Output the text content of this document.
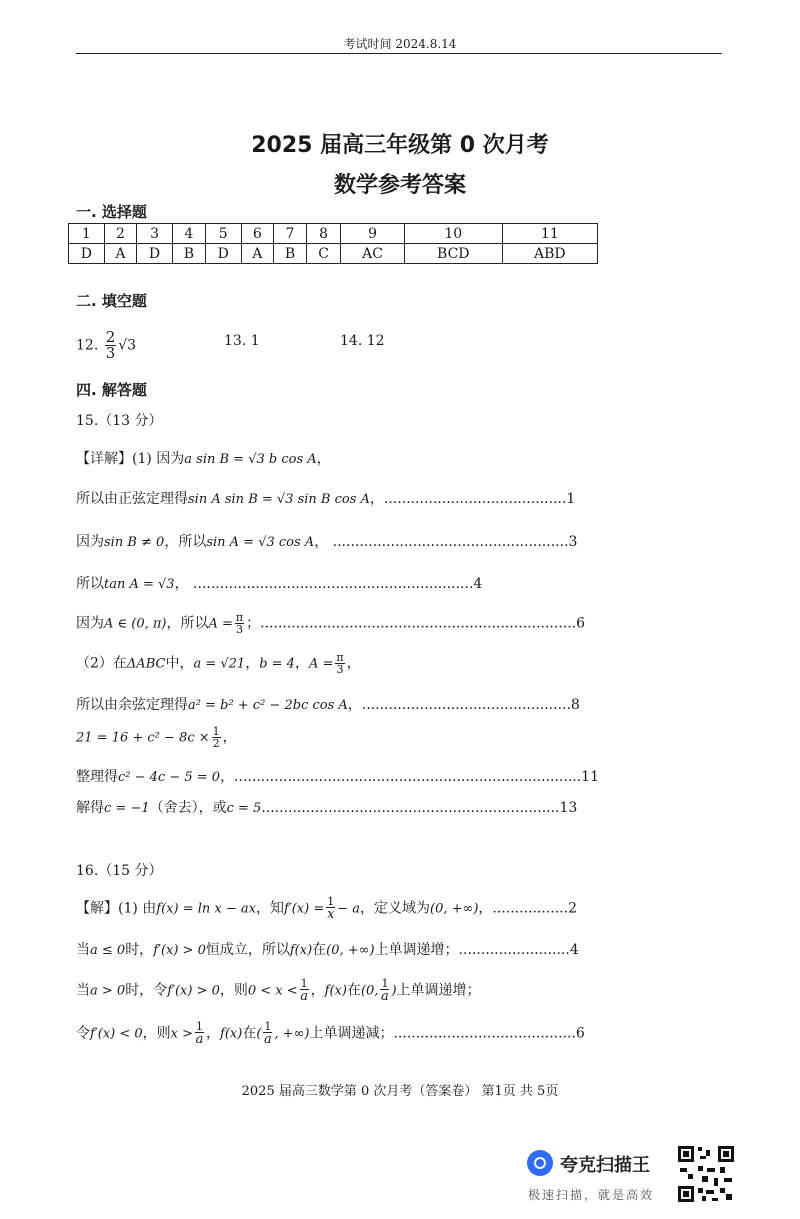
考试时间 2024.8.14
2025 届高三年级第 0 次月考
数学参考答案
一. 选择题
1	2	3	4	5	6	7	8	9	10	11
D	A	D	B	D	A	B	C	AC	BCD	ABD
二. 填空题
12. $\frac{2}{3} √3$	13. 1	14. 12
四. 解答题
15.（13 分）
【详解】(1) 因为a sin B = √3 b cos A，
所以由正弦定理得sin A sin B = √3 sin B cos A，.........................................1
因为sin B ≠ 0，所以sin A = √3 cos A， .....................................................3
所以tan A = √3， ...............................................................4
因为A ∈ (0, π)，所以$A = \frac{\pi}{3}$ ；.......................................................................6
（2）在ΔABC中，a = √21，b = 4，$A = \frac{\pi}{3}$ ，
所以由余弦定理得a² = b² + c² − 2bc cos A，...............................................8
$21 = 16 + c^2 - 8c \times \frac{1}{2}$ ，
整理得c² − 4c − 5 = 0，..............................................................................11
解得c = −1（舍去），或c = 5...................................................................13
16.（15 分）
【解】(1) 由f(x) = ln x − ax，知$f'(x) = \frac{1}{x} - a$，定义域为(0, +∞)，.................2
当a ≤ 0时，f′(x) > 0恒成立，所以f(x)在(0, +∞)上单调递增；.........................4
当a > 0时，令f′(x) > 0，则$0 < x < \frac{1}{a}$ ，f(x)在(0, $\frac{1}{a}$ )上单调递增；
令f′(x) < 0，则$x > \frac{1}{a}$ ，f(x)在( $\frac{1}{a}$ , +∞)上单调递减；.........................................6
2025 届高三数学第 0 次月考（答案卷） 第1页 共 5页
夸克扫描王
极速扫描，就是高效
